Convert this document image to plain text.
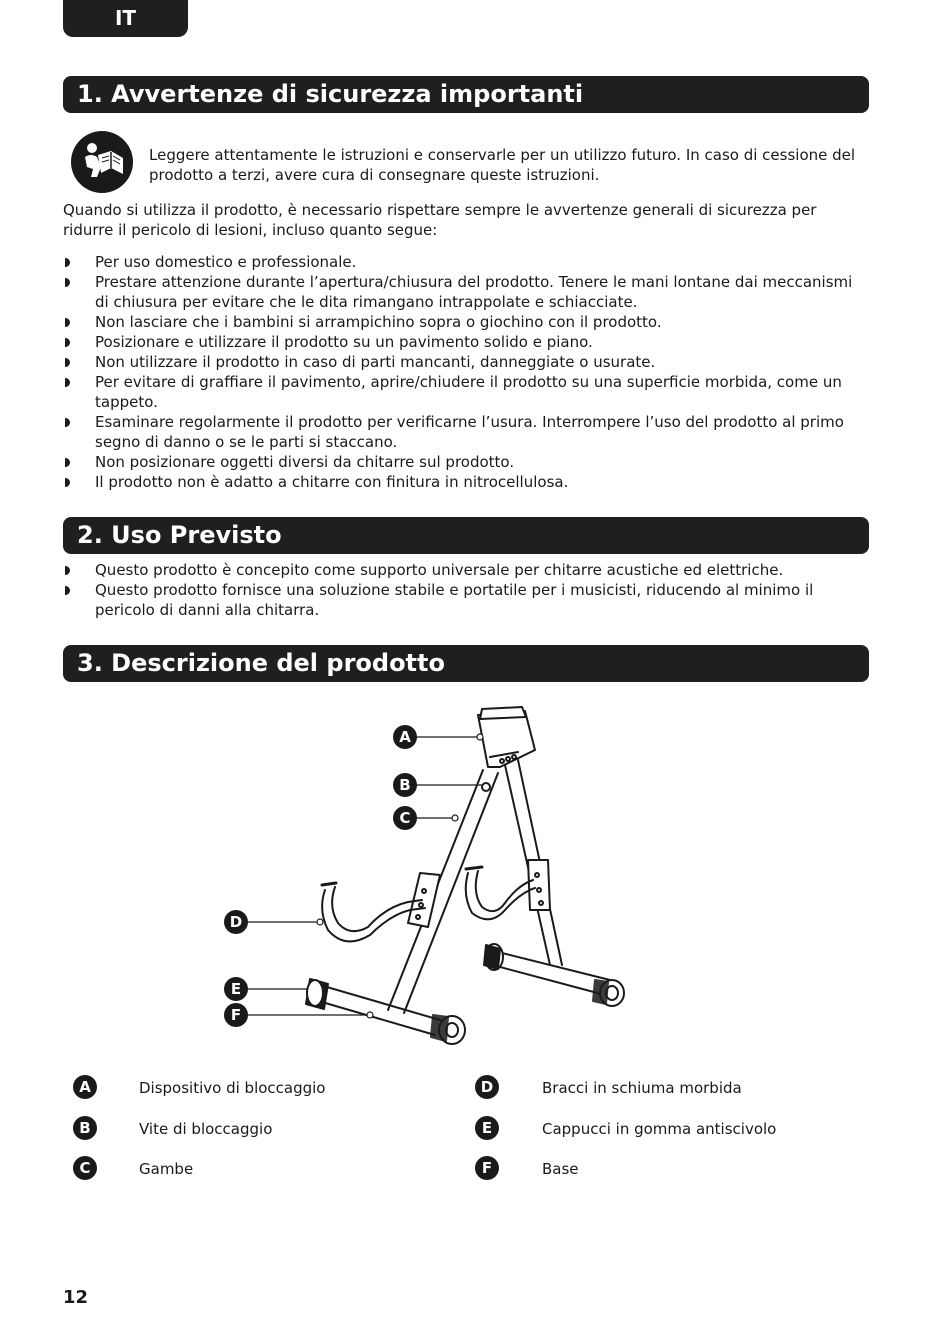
IT
1. Avvertenze di sicurezza importanti
Leggere attentamente le istruzioni e conservarle per un utilizzo futuro. In caso di cessione del prodotto a terzi, avere cura di consegnare queste istruzioni.
Quando si utilizza il prodotto, è necessario rispettare sempre le avvertenze generali di sicurezza per ridurre il pericolo di lesioni, incluso quanto segue:
Per uso domestico e professionale.
Prestare attenzione durante l’apertura/chiusura del prodotto. Tenere le mani lontane dai meccanismi di chiusura per evitare che le dita rimangano intrappolate e schiacciate.
Non lasciare che i bambini si arrampichino sopra o giochino con il prodotto.
Posizionare e utilizzare il prodotto su un pavimento solido e piano.
Non utilizzare il prodotto in caso di parti mancanti, danneggiate o usurate.
Per evitare di graffiare il pavimento, aprire/chiudere il prodotto su una superficie morbida, come un tappeto.
Esaminare regolarmente il prodotto per verificarne l’usura. Interrompere l’uso del prodotto al primo segno di danno o se le parti si staccano.
Non posizionare oggetti diversi da chitarre sul prodotto.
Il prodotto non è adatto a chitarre con finitura in nitrocellulosa.
2. Uso Previsto
Questo prodotto è concepito come supporto universale per chitarre acustiche ed elettriche.
Questo prodotto fornisce una soluzione stabile e portatile per i musicisti, riducendo al minimo il pericolo di danni alla chitarra.
3. Descrizione del prodotto
A
B
C
D
E
F
A	Dispositivo di bloccaggio
B	Vite di bloccaggio
C	Gambe
D	Bracci in schiuma morbida
E	Cappucci in gomma antiscivolo
F	Base
12
